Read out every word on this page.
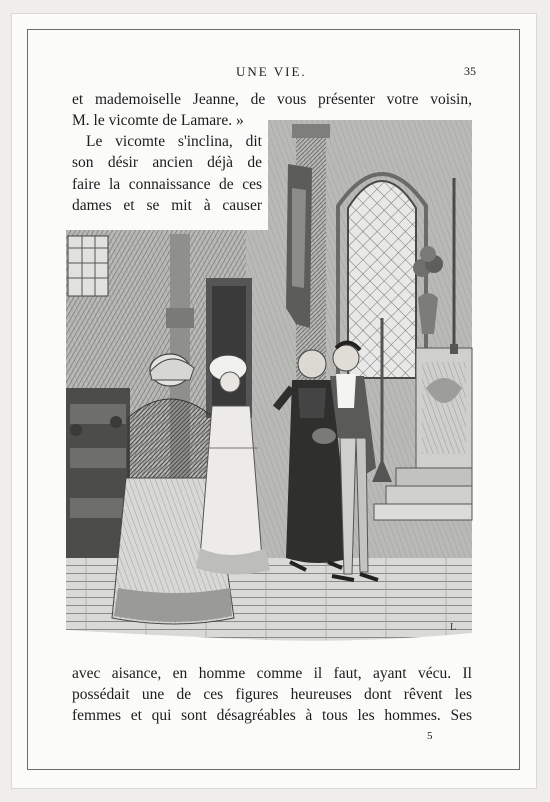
UNE VIE.	35
et mademoiselle Jeanne, de vous présenter votre voisin,
M. le vicomte de Lamare. »
Le vicomte s'inclina, dit
son désir ancien déjà de
faire la connaissance de ces
dames et se mit à causer
L
avec aisance, en homme comme il faut, ayant vécu. Il
possédait une de ces figures heureuses dont rêvent les
femmes et qui sont désagréables à tous les hommes. Ses
5
